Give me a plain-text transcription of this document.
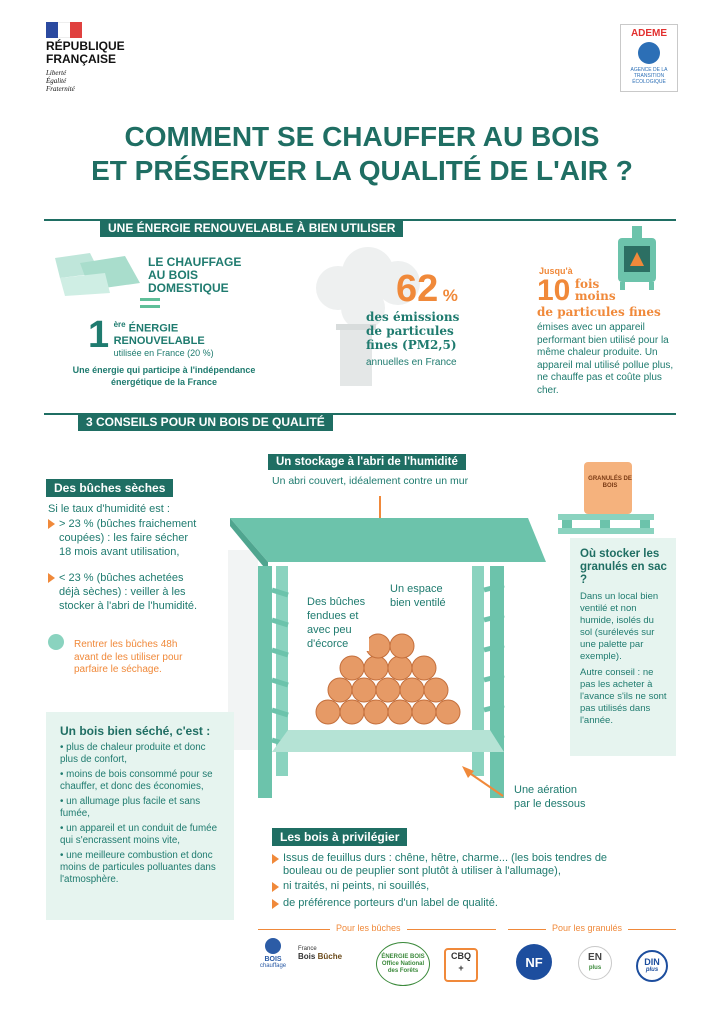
RÉPUBLIQUE
FRANÇAISE
Liberté
Égalité
Fraternité
ADEME
AGENCE DE LA TRANSITION ÉCOLOGIQUE
COMMENT SE CHAUFFER AU BOIS
ET PRÉSERVER LA QUALITÉ DE L'AIR ?
UNE ÉNERGIE RENOUVELABLE À BIEN UTILISER
LE CHAUFFAGE
AU BOIS
DOMESTIQUE
1 $^{ère}$ ÉNERGIE
RENOUVELABLE
utilisée en France (20 %)
Une énergie qui participe à l'indépendance énergétique de la France
62 %
des émissions
de particules
fines (PM2,5)
annuelles en France
Jusqu'à
10 fois
moins
de particules fines
émises avec un appareil performant bien utilisé pour la même chaleur produite. Un appareil mal utilisé pollue plus, ne chauffe pas et coûte plus cher.
3 CONSEILS POUR UN BOIS DE QUALITÉ
Un stockage à l'abri de l'humidité
Un abri couvert, idéalement contre un mur
Des bûches fendues et avec peu d'écorce
Un espace bien ventilé
Une aération par le dessous
Des bûches sèches
Si le taux d'humidité est :
> 23 % (bûches fraichement coupées) : les faire sécher 18 mois avant utilisation,
< 23 % (bûches achetées déjà sèches) : veiller à les stocker à l'abri de l'humidité.
Rentrer les bûches 48h avant de les utiliser pour parfaire le séchage.
Un bois bien séché, c'est :
• plus de chaleur produite et donc plus de confort,
• moins de bois consommé pour se chauffer, et donc des économies,
• un allumage plus facile et sans fumée,
• un appareil et un conduit de fumée qui s'encrassent moins vite,
• une meilleure combustion et donc moins de particules polluantes dans l'atmosphère.
GRANULÉS DE BOIS
Où stocker les granulés en sac ?
Dans un local bien ventilé et non humide, isolés du sol (surélevés sur une palette par exemple).
Autre conseil : ne pas les acheter à l'avance s'ils ne sont pas utilisés dans l'année.
Les bois à privilégier
Issus de feuillus durs : chêne, hêtre, charme... (les bois tendres de bouleau ou de peuplier sont plutôt à utiliser à l'allumage),
ni traités, ni peints, ni souillés,
de préférence porteurs d'un label de qualité.
Pour les bûches	Pour les granulés
BOIS
chauffage
France
Bois Bûche	ÉNERGIE BOIS
Office National des Forêts
CBQ
+	NF	EN
plus
DIN
plus
